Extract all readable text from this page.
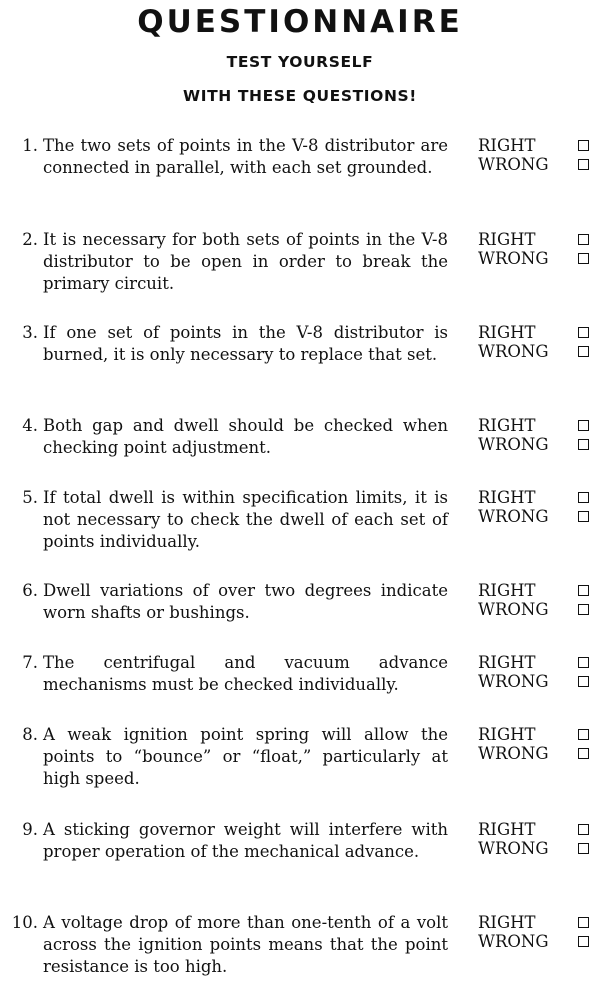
QUESTIONNAIRE
TEST YOURSELF
WITH THESE QUESTIONS!
1. The two sets of points in the V-8 distributor are connected in parallel, with each set grounded.
RIGHT
WRONG
2. It is necessary for both sets of points in the V-8 distributor to be open in order to break the primary circuit.
RIGHT
WRONG
3. If one set of points in the V-8 distributor is burned, it is only necessary to replace that set.
RIGHT
WRONG
4. Both gap and dwell should be checked when checking point adjustment.
RIGHT
WRONG
5. If total dwell is within specification limits, it is not necessary to check the dwell of each set of points individually.
RIGHT
WRONG
6. Dwell variations of over two degrees indicate worn shafts or bushings.
RIGHT
WRONG
7. The centrifugal and vacuum advance mechanisms must be checked individually.
RIGHT
WRONG
8. A weak ignition point spring will allow the points to “bounce” or “float,” particularly at high speed.
RIGHT
WRONG
9. A sticking governor weight will interfere with proper operation of the mechanical advance.
RIGHT
WRONG
10. A voltage drop of more than one-tenth of a volt across the ignition points means that the point resistance is too high.
RIGHT
WRONG
